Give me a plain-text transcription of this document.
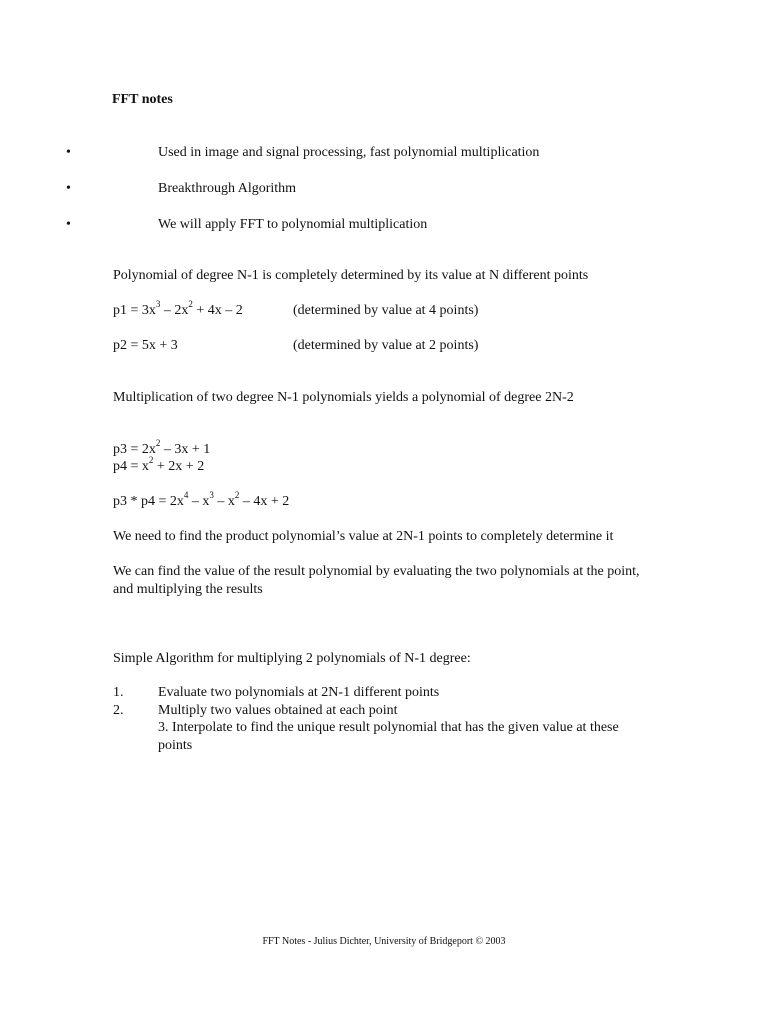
FFT notes
•	Used in image and signal processing, fast polynomial multiplication
•	Breakthrough Algorithm
•	We will apply FFT to polynomial multiplication
Polynomial of degree N-1 is completely determined by its value at N different points
$p1 = 3x^3 - 2x^2 + 4x - 2$	(determined by value at 4 points)
p2 = 5x + 3	(determined by value at 2 points)
Multiplication of two degree N-1 polynomials yields a polynomial of degree 2N-2
$p3 = 2x^2 - 3x + 1$
$p4 = x^2 + 2x + 2$
$p3 * p4 = 2x^4 - x^3 - x^2 - 4x + 2$
We need to find the product polynomial’s value at 2N-1 points to completely determine it
We can find the value of the result polynomial by evaluating the two polynomials at the point, and multiplying the results
Simple Algorithm for multiplying 2 polynomials of N-1 degree:
1. Evaluate two polynomials at 2N-1 different points
2. Multiply two values obtained at each point
3. Interpolate to find the unique result polynomial that has the given value at these points
FFT Notes - Julius Dichter, University of Bridgeport © 2003
